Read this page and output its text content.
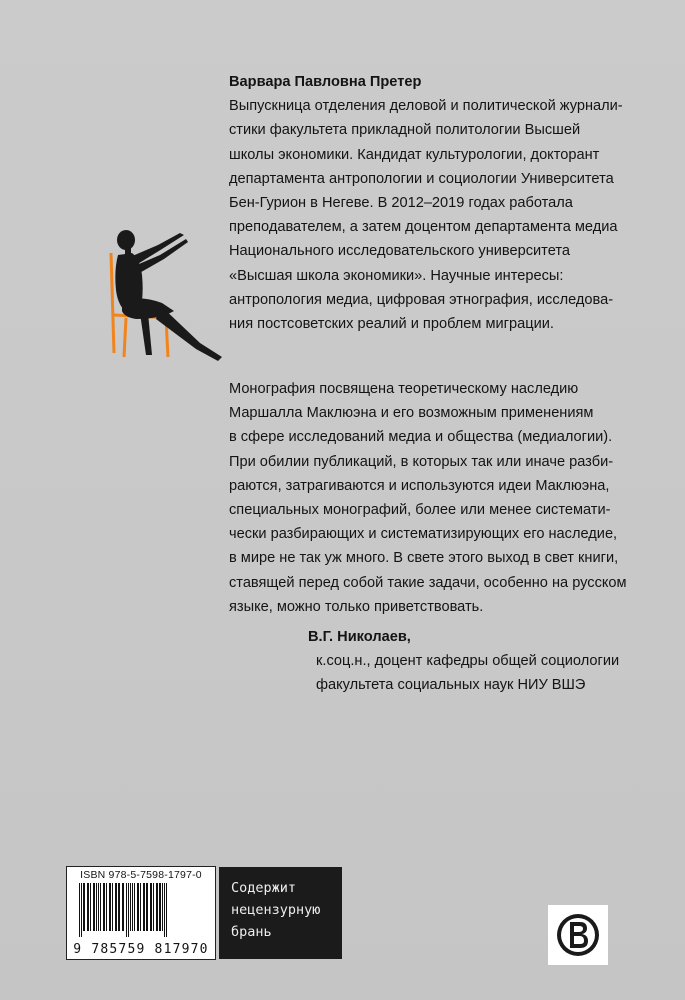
Варвара Павловна Претер

Выпускница отделения деловой и политической журнали-
стики факультета прикладной политологии Высшей
школы экономики. Кандидат культурологии, докторант
департамента антропологии и социологии Университета
Бен-Гурион в Негеве. В 2012–2019 годах работала
преподавателем, а затем доцентом департамента медиа
Национального исследовательского университета
«Высшая школа экономики». Научные интересы:
антропология медиа, цифровая этнография, исследова-
ния постсоветских реалий и проблем миграции.
Монография посвящена теоретическому наследию
Маршалла Маклюэна и его возможным применениям
в сфере исследований медиа и общества (медиалогии).
При обилии публикаций, в которых так или иначе разби-
раются, затрагиваются и используются идеи Маклюэна,
специальных монографий, более или менее системати-
чески разбирающих и систематизирующих его наследие,
в мире не так уж много. В свете этого выход в свет книги,
ставящей перед собой такие задачи, особенно на русском
языке, можно только приветствовать.
В.Г. Николаев,
к.соц.н., доцент кафедры общей социологии
факультета социальных наук НИУ ВШЭ
ISBN 978-5-7598-1797-0
9 785759 817970
Содержит
нецензурную
брань
